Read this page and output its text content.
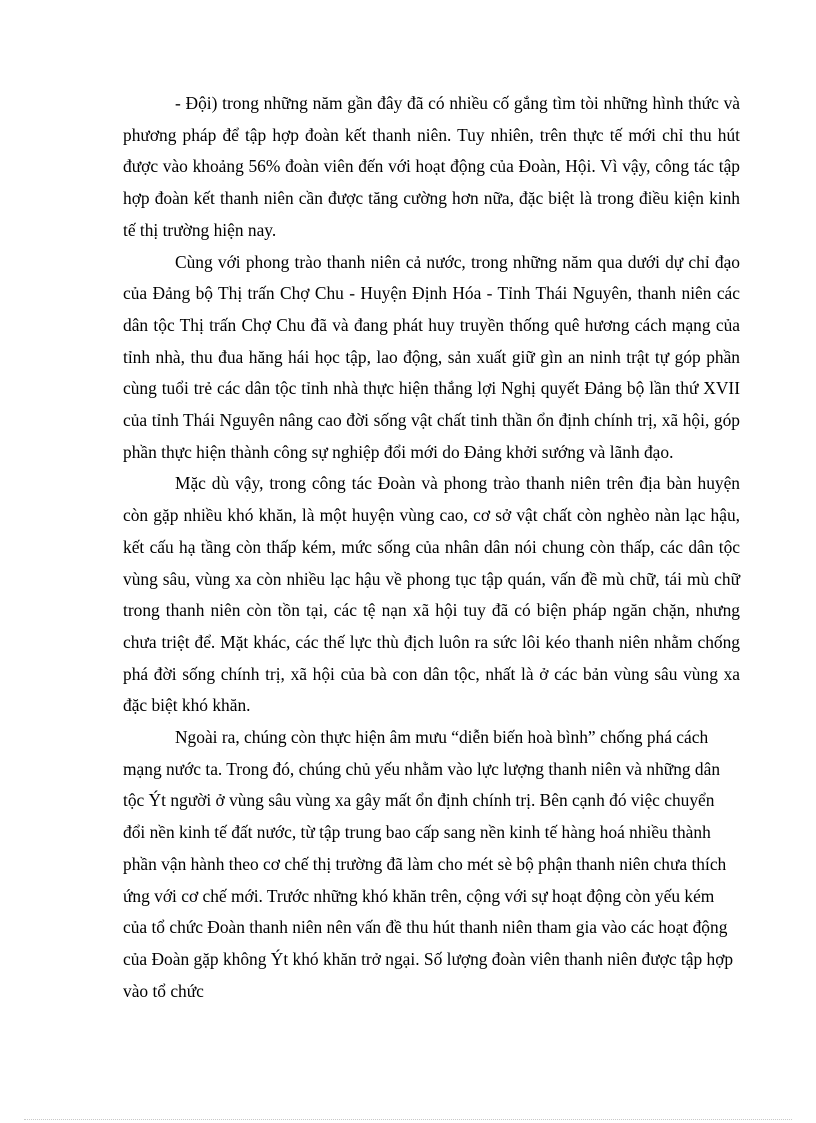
- Đội) trong những năm gần đây đã có nhiều cố gắng tìm tòi những hình thức và phương pháp để tập hợp đoàn kết thanh niên. Tuy nhiên, trên thực tế mới chỉ thu hút được vào khoảng 56% đoàn viên đến với hoạt động của Đoàn, Hội. Vì vậy, công tác tập hợp đoàn kết thanh niên cần được tăng cường hơn nữa, đặc biệt là trong điều kiện kinh tế thị trường hiện nay.

Cùng với phong trào thanh niên cả nước, trong những năm qua dưới dự chỉ đạo của Đảng bộ Thị trấn Chợ Chu - Huyện Định Hóa - Tỉnh Thái Nguyên, thanh niên các dân tộc Thị trấn Chợ Chu đã và đang phát huy truyền thống quê hương cách mạng của tỉnh nhà, thu đua hăng hái học tập, lao động, sản xuất giữ gìn an ninh trật tự góp phần cùng tuổi trẻ các dân tộc tỉnh nhà thực hiện thắng lợi Nghị quyết Đảng bộ lần thứ XVII của tỉnh Thái Nguyên nâng cao đời sống vật chất tinh thần ổn định chính trị, xã hội, góp phần thực hiện thành công sự nghiệp đổi mới do Đảng khởi sướng và lãnh đạo.

Mặc dù vậy, trong công tác Đoàn và phong trào thanh niên trên địa bàn huyện còn gặp nhiều khó khăn, là một huyện vùng cao, cơ sở vật chất còn nghèo nàn lạc hậu, kết cấu hạ tầng còn thấp kém, mức sống của nhân dân nói chung còn thấp, các dân tộc vùng sâu, vùng xa còn nhiều lạc hậu về phong tục tập quán, vấn đề mù chữ, tái mù chữ trong thanh niên còn tồn tại, các tệ nạn xã hội tuy đã có biện pháp ngăn chặn, nhưng chưa triệt để. Mặt khác, các thế lực thù địch luôn ra sức lôi kéo thanh niên nhằm chống phá đời sống chính trị, xã hội của bà con dân tộc, nhất là ở các bản vùng sâu vùng xa đặc biệt khó khăn.

Ngoài ra, chúng còn thực hiện âm mưu “diễn biến hoà bình” chống phá cách mạng nước ta. Trong đó, chúng chủ yếu nhằm vào lực lượng thanh niên và những dân tộc Ýt người ở vùng sâu vùng xa gây mất ổn định chính trị. Bên cạnh đó việc chuyển đổi nền kinh tế đất nước, từ tập trung bao cấp sang nền kinh tế hàng hoá nhiều thành phần vận hành theo cơ chế thị trường đã làm cho mét sè bộ phận thanh niên chưa thích ứng với cơ chế mới. Trước những khó khăn trên, cộng với sự hoạt động còn yếu kém của tổ chức Đoàn thanh niên nên vấn đề thu hút thanh niên tham gia vào các hoạt động của Đoàn gặp không Ýt khó khăn trở ngại. Số lượng đoàn viên thanh niên được tập hợp vào tổ chức
